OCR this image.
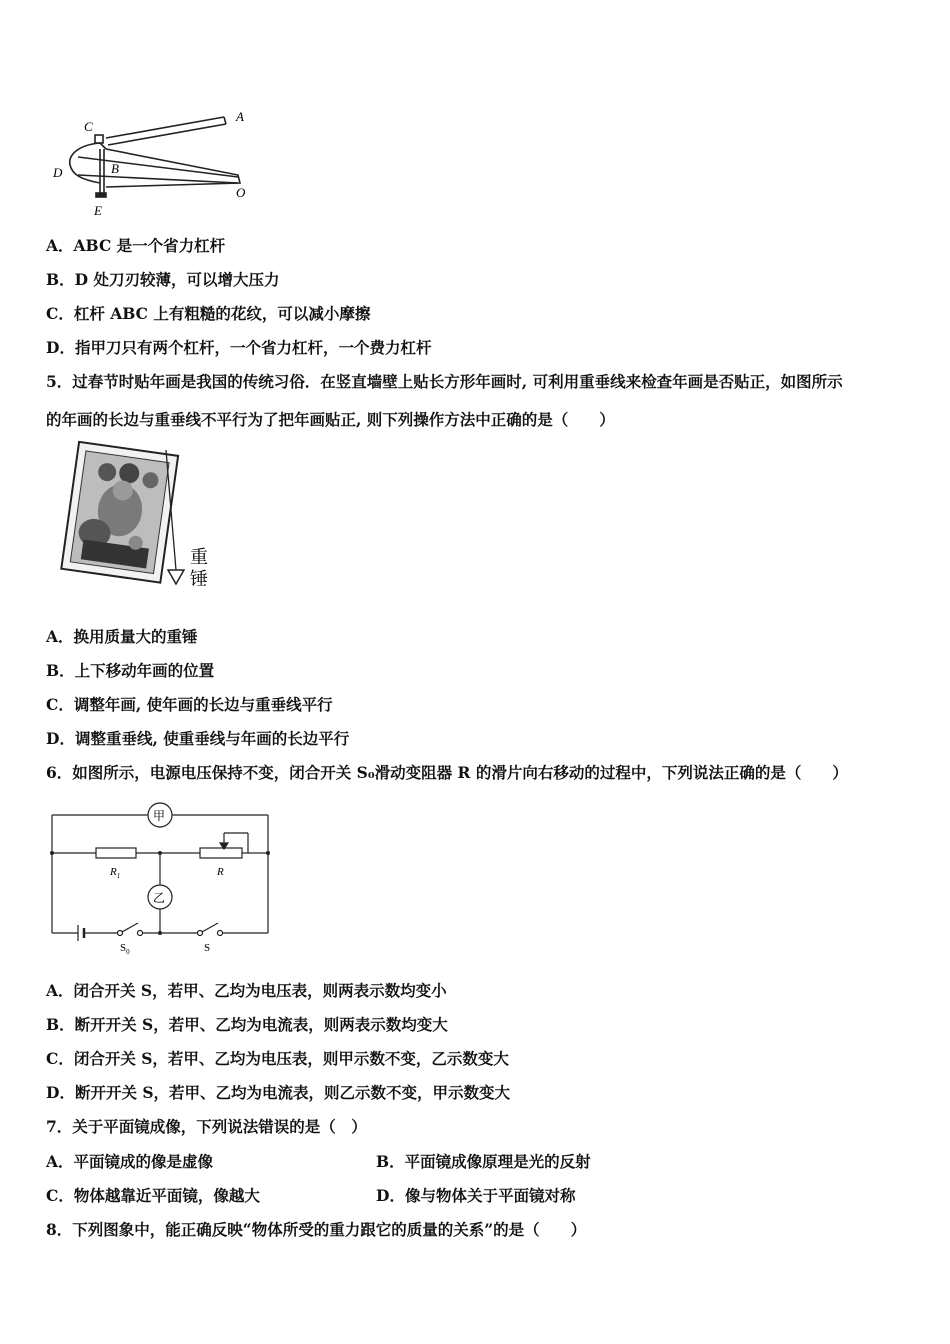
C
A
D	B
E
O
A．ABC 是一个省力杠杆
B．D 处刀刃较薄，可以增大压力
C．杠杆 ABC 上有粗糙的花纹，可以减小摩擦
D．指甲刀只有两个杠杆，一个省力杠杆，一个费力杠杆
5．过春节时贴年画是我国的传统习俗．在竖直墙壁上贴长方形年画时, 可利用重垂线来检查年画是否贴正，如图所示
的年画的长边与重垂线不平行为了把年画贴正, 则下列操作方法中正确的是（　　）
重
锤
A．换用质量大的重锤
B．上下移动年画的位置
C．调整年画, 使年画的长边与重垂线平行
D．调整重垂线, 使重垂线与年画的长边平行
6．如图所示，电源电压保持不变，闭合开关 S₀滑动变阻器 R 的滑片向右移动的过程中，下列说法正确的是（　　）
甲
乙
$R_1$	R
$S_0$	S
A．闭合开关 S，若甲、乙均为电压表，则两表示数均变小
B．断开开关 S，若甲、乙均为电流表，则两表示数均变大
C．闭合开关 S，若甲、乙均为电压表，则甲示数不变，乙示数变大
D．断开开关 S，若甲、乙均为电流表，则乙示数不变，甲示数变大
7．关于平面镜成像，下列说法错误的是（　）
A．平面镜成的像是虚像	B．平面镜成像原理是光的反射
C．物体越靠近平面镜，像越大	D．像与物体关于平面镜对称
8．下列图象中，能正确反映“物体所受的重力跟它的质量的关系”的是（　　）
